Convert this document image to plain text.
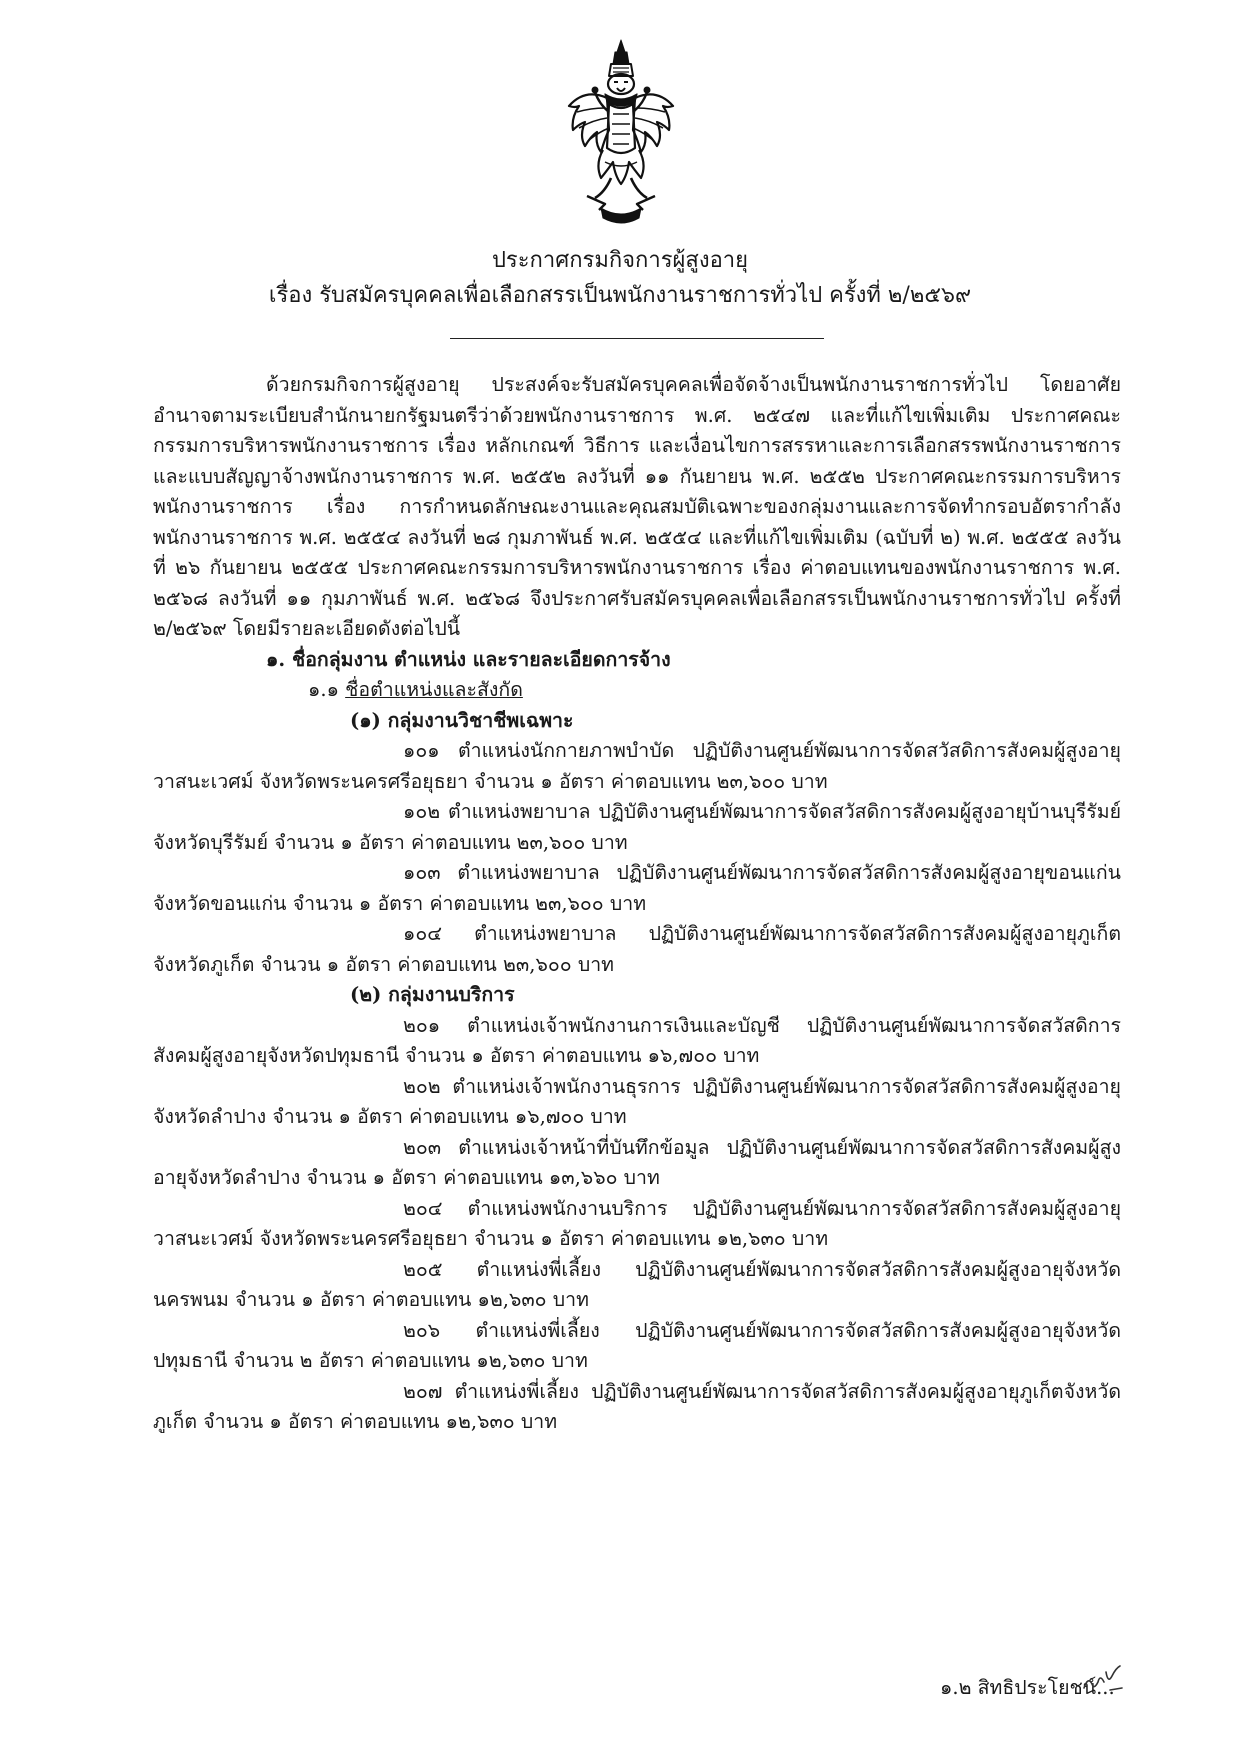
ประกาศกรมกิจการผู้สูงอายุ
เรื่อง รับสมัครบุคคลเพื่อเลือกสรรเป็นพนักงานราชการทั่วไป ครั้งที่ ๒/๒๕๖๙

ด้วยกรมกิจการผู้สูงอายุ ประสงค์จะรับสมัครบุคคลเพื่อจัดจ้างเป็นพนักงานราชการทั่วไป โดยอาศัยอำนาจตามระเบียบสำนักนายกรัฐมนตรีว่าด้วยพนักงานราชการ พ.ศ. ๒๕๔๗ และที่แก้ไขเพิ่มเติม ประกาศคณะกรรมการบริหารพนักงานราชการ เรื่อง หลักเกณฑ์ วิธีการ และเงื่อนไขการสรรหาและการเลือกสรรพนักงานราชการ และแบบสัญญาจ้างพนักงานราชการ พ.ศ. ๒๕๕๒ ลงวันที่ ๑๑ กันยายน พ.ศ. ๒๕๕๒ ประกาศคณะกรรมการบริหารพนักงานราชการ เรื่อง การกำหนดลักษณะงานและคุณสมบัติเฉพาะของกลุ่มงานและการจัดทำกรอบอัตรากำลังพนักงานราชการ พ.ศ. ๒๕๕๔ ลงวันที่ ๒๘ กุมภาพันธ์ พ.ศ. ๒๕๕๔ และที่แก้ไขเพิ่มเติม (ฉบับที่ ๒) พ.ศ. ๒๕๕๕ ลงวันที่ ๒๖ กันยายน ๒๕๕๕ ประกาศคณะกรรมการบริหารพนักงานราชการ เรื่อง ค่าตอบแทนของพนักงานราชการ พ.ศ. ๒๕๖๘ ลงวันที่ ๑๑ กุมภาพันธ์ พ.ศ. ๒๕๖๘ จึงประกาศรับสมัครบุคคลเพื่อเลือกสรรเป็นพนักงานราชการทั่วไป ครั้งที่ ๒/๒๕๖๙ โดยมีรายละเอียดดังต่อไปนี้

๑. ชื่อกลุ่มงาน ตำแหน่ง และรายละเอียดการจ้าง

๑.๑ ชื่อตำแหน่งและสังกัด

(๑) กลุ่มงานวิชาชีพเฉพาะ

๑๐๑ ตำแหน่งนักกายภาพบำบัด ปฏิบัติงานศูนย์พัฒนาการจัดสวัสดิการสังคมผู้สูงอายุวาสนะเวศม์ จังหวัดพระนครศรีอยุธยา จำนวน ๑ อัตรา ค่าตอบแทน ๒๓,๖๐๐ บาท

๑๐๒ ตำแหน่งพยาบาล ปฏิบัติงานศูนย์พัฒนาการจัดสวัสดิการสังคมผู้สูงอายุบ้านบุรีรัมย์ จังหวัดบุรีรัมย์ จำนวน ๑ อัตรา ค่าตอบแทน ๒๓,๖๐๐ บาท

๑๐๓ ตำแหน่งพยาบาล ปฏิบัติงานศูนย์พัฒนาการจัดสวัสดิการสังคมผู้สูงอายุขอนแก่น จังหวัดขอนแก่น จำนวน ๑ อัตรา ค่าตอบแทน ๒๓,๖๐๐ บาท

๑๐๔ ตำแหน่งพยาบาล ปฏิบัติงานศูนย์พัฒนาการจัดสวัสดิการสังคมผู้สูงอายุภูเก็ต จังหวัดภูเก็ต จำนวน ๑ อัตรา ค่าตอบแทน ๒๓,๖๐๐ บาท

(๒) กลุ่มงานบริการ

๒๐๑ ตำแหน่งเจ้าพนักงานการเงินและบัญชี ปฏิบัติงานศูนย์พัฒนาการจัดสวัสดิการสังคมผู้สูงอายุจังหวัดปทุมธานี จำนวน ๑ อัตรา ค่าตอบแทน ๑๖,๗๐๐ บาท

๒๐๒ ตำแหน่งเจ้าพนักงานธุรการ ปฏิบัติงานศูนย์พัฒนาการจัดสวัสดิการสังคมผู้สูงอายุจังหวัดลำปาง จำนวน ๑ อัตรา ค่าตอบแทน ๑๖,๗๐๐ บาท

๒๐๓ ตำแหน่งเจ้าหน้าที่บันทึกข้อมูล ปฏิบัติงานศูนย์พัฒนาการจัดสวัสดิการสังคมผู้สูงอายุจังหวัดลำปาง จำนวน ๑ อัตรา ค่าตอบแทน ๑๓,๖๖๐ บาท

๒๐๔ ตำแหน่งพนักงานบริการ ปฏิบัติงานศูนย์พัฒนาการจัดสวัสดิการสังคมผู้สูงอายุวาสนะเวศม์ จังหวัดพระนครศรีอยุธยา จำนวน ๑ อัตรา ค่าตอบแทน ๑๒,๖๓๐ บาท

๒๐๕ ตำแหน่งพี่เลี้ยง ปฏิบัติงานศูนย์พัฒนาการจัดสวัสดิการสังคมผู้สูงอายุจังหวัดนครพนม จำนวน ๑ อัตรา ค่าตอบแทน ๑๒,๖๓๐ บาท

๒๐๖ ตำแหน่งพี่เลี้ยง ปฏิบัติงานศูนย์พัฒนาการจัดสวัสดิการสังคมผู้สูงอายุจังหวัดปทุมธานี จำนวน ๒ อัตรา ค่าตอบแทน ๑๒,๖๓๐ บาท

๒๐๗ ตำแหน่งพี่เลี้ยง ปฏิบัติงานศูนย์พัฒนาการจัดสวัสดิการสังคมผู้สูงอายุภูเก็ตจังหวัดภูเก็ต จำนวน ๑ อัตรา ค่าตอบแทน ๑๒,๖๓๐ บาท

๑.๒ สิทธิประโยชน์...
